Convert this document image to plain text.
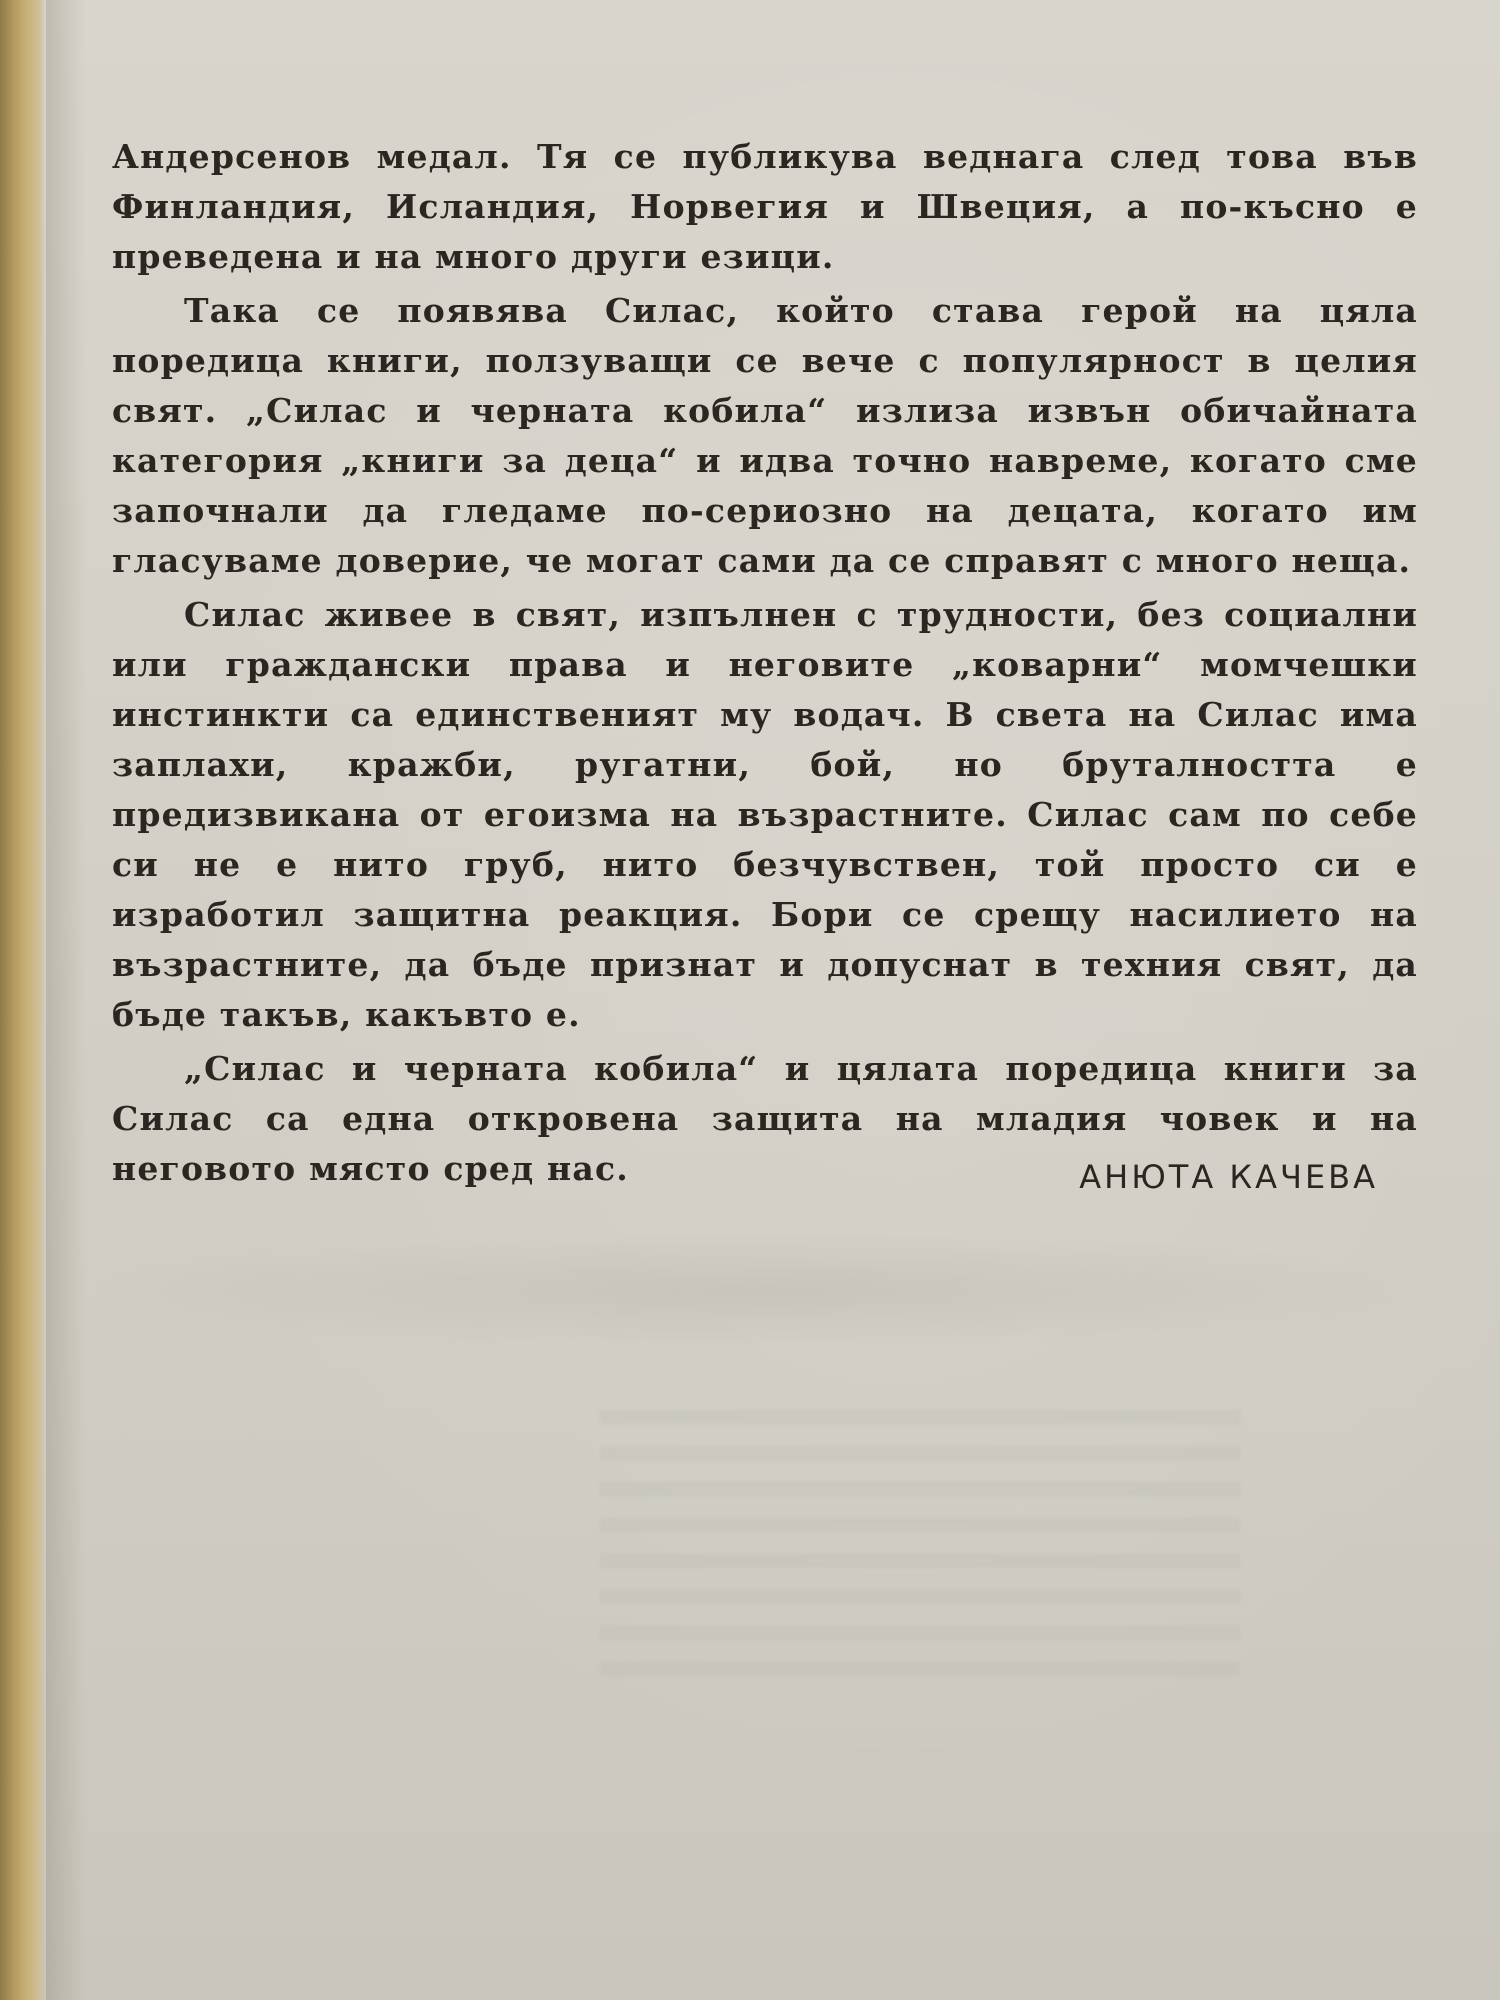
Андерсенов медал. Тя се публикува веднага след това във Финландия, Исландия, Норвегия и Швеция, а по-късно е преведена и на много други езици.

Така се появява Силас, който става герой на цяла поредица книги, ползуващи се вече с популярност в целия свят. „Силас и черната кобила“ излиза извън обичайната категория „книги за деца“ и идва точно навреме, когато сме започнали да гледаме по-сериозно на децата, когато им гласуваме доверие, че могат сами да се справят с много неща.

Силас живее в свят, изпълнен с трудности, без социални или граждански права и неговите „коварни“ момчешки инстинкти са единственият му водач. В света на Силас има заплахи, кражби, ругатни, бой, но бруталността е предизвикана от егоизма на възрастните. Силас сам по себе си не е нито груб, нито безчувствен, той просто си е изработил защитна реакция. Бори се срещу насилието на възрастните, да бъде признат и допуснат в техния свят, да бъде такъв, какъвто е.

„Силас и черната кобила“ и цялата поредица книги за Силас са една откровена защита на младия човек и на неговото място сред нас.	АНЮТА КАЧЕВА
